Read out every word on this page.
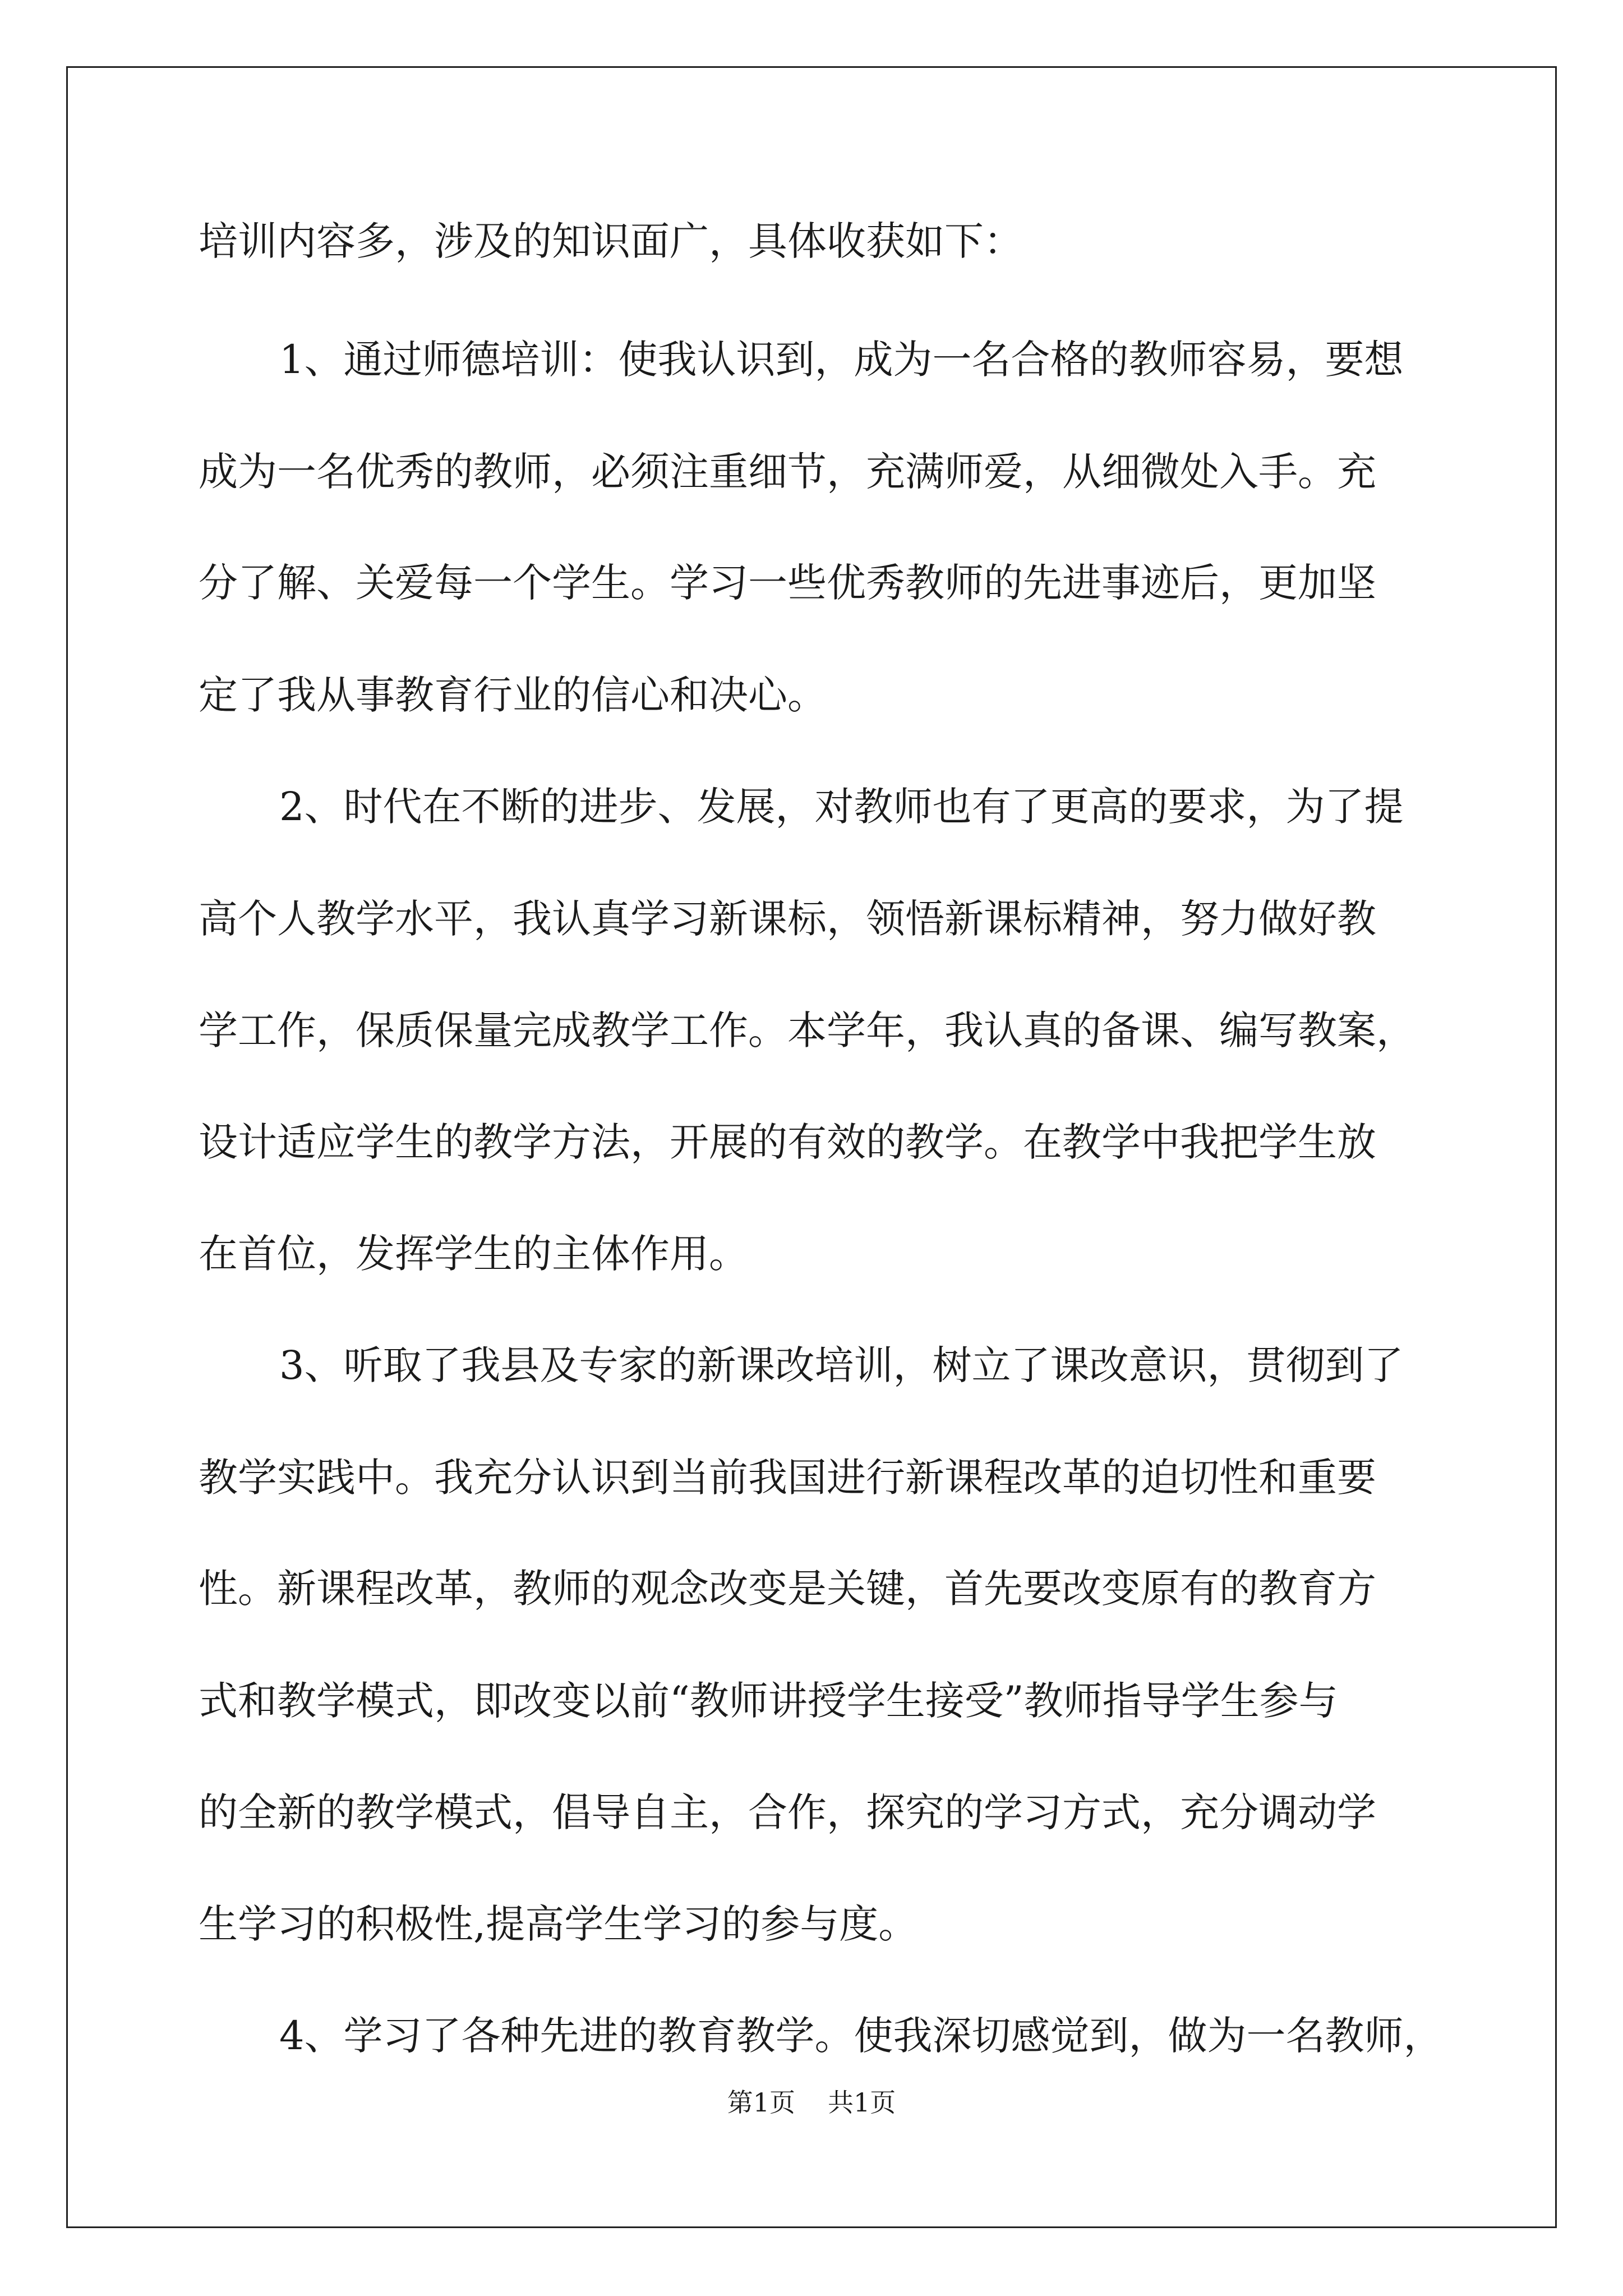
培训内容多，涉及的知识面广，具体收获如下：

1、通过师德培训：使我认识到，成为一名合格的教师容易，要想

成为一名优秀的教师，必须注重细节，充满师爱，从细微处入手。充

分了解、关爱每一个学生。学习一些优秀教师的先进事迹后，更加坚

定了我从事教育行业的信心和决心。

2、时代在不断的进步、发展，对教师也有了更高的要求，为了提

高个人教学水平，我认真学习新课标，领悟新课标精神，努力做好教

学工作，保质保量完成教学工作。本学年，我认真的备课、编写教案，

设计适应学生的教学方法，开展的有效的教学。在教学中我把学生放

在首位，发挥学生的主体作用。

3、听取了我县及专家的新课改培训，树立了课改意识，贯彻到了

教学实践中。我充分认识到当前我国进行新课程改革的迫切性和重要

性。新课程改革，教师的观念改变是关键，首先要改变原有的教育方

式和教学模式，即改变以前“教师讲授学生接受”教师指导学生参与

的全新的教学模式，倡导自主，合作，探究的学习方式，充分调动学

生学习的积极性,提高学生学习的参与度。

4、学习了各种先进的教育教学。使我深切感觉到，做为一名教师，

第1页 共1页
